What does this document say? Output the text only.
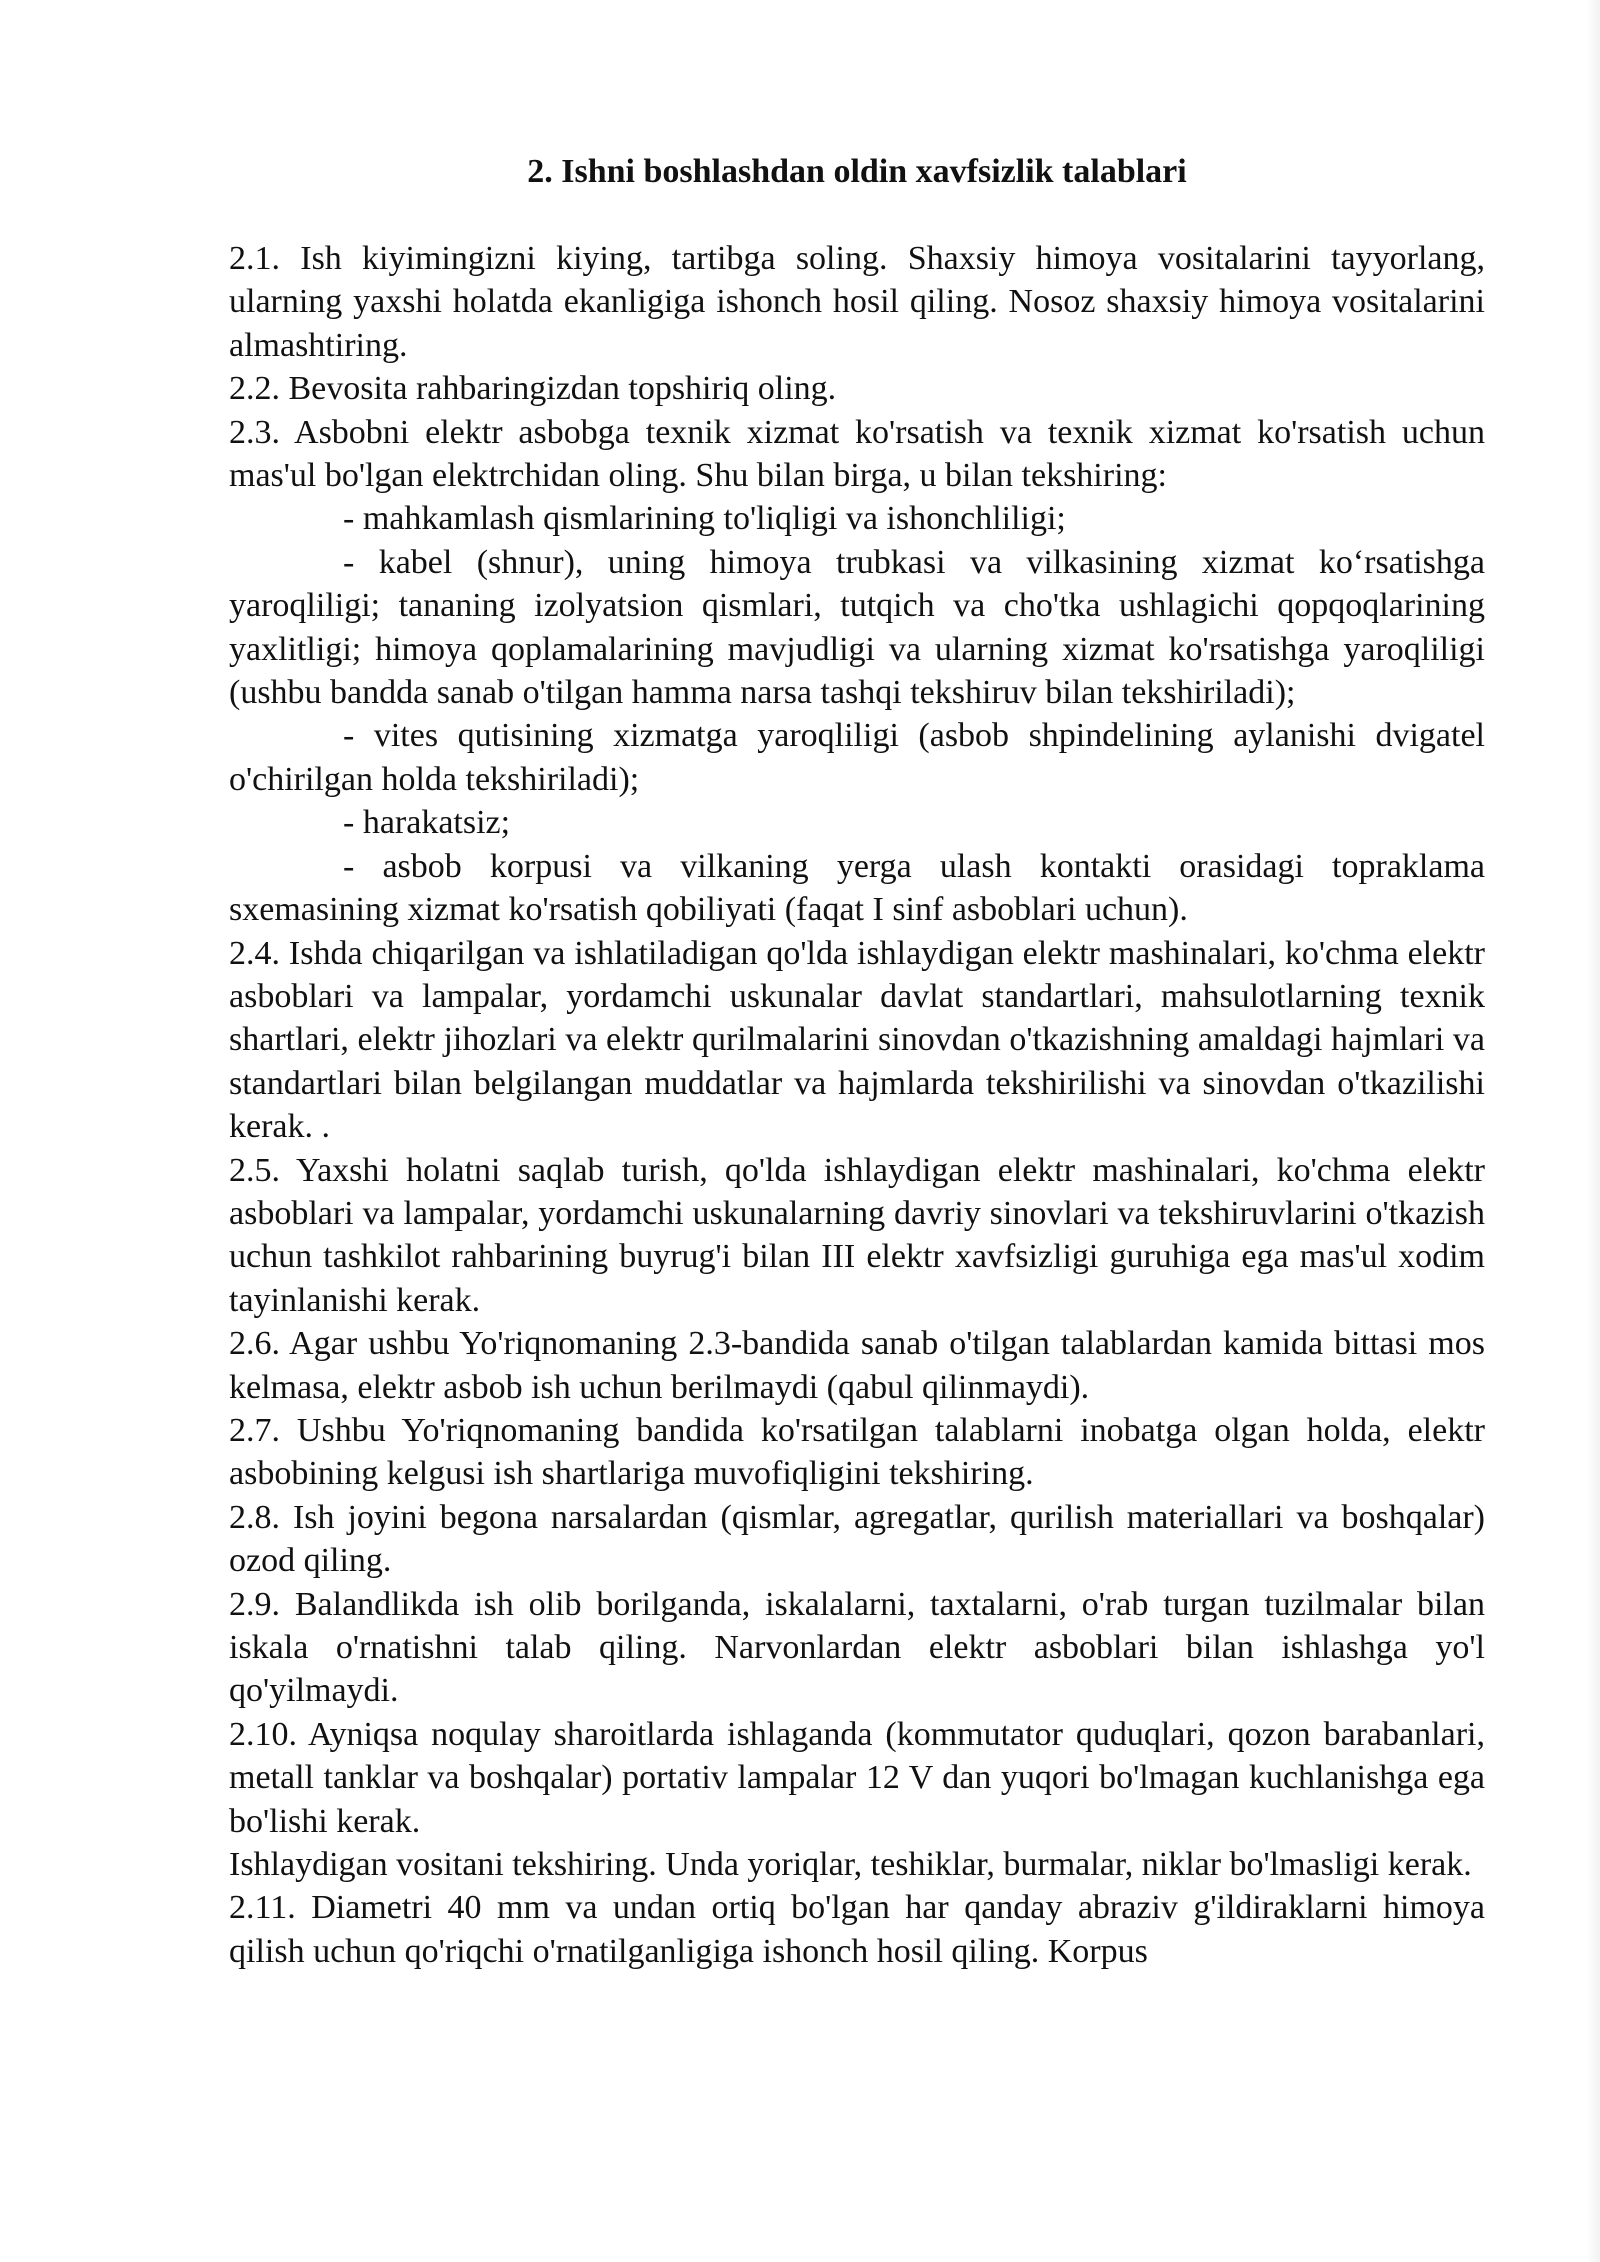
2. Ishni boshlashdan oldin xavfsizlik talablari

2.1. Ish kiyimingizni kiying, tartibga soling. Shaxsiy himoya vositalarini tayyorlang, ularning yaxshi holatda ekanligiga ishonch hosil qiling. Nosoz shaxsiy himoya vositalarini almashtiring.

2.2. Bevosita rahbaringizdan topshiriq oling.

2.3. Asbobni elektr asbobga texnik xizmat ko'rsatish va texnik xizmat ko'rsatish uchun mas'ul bo'lgan elektrchidan oling. Shu bilan birga, u bilan tekshiring:

- mahkamlash qismlarining to'liqligi va ishonchliligi;

- kabel (shnur), uning himoya trubkasi va vilkasining xizmat ko‘rsatishga yaroqliligi; tananing izolyatsion qismlari, tutqich va cho'tka ushlagichi qopqoqlarining yaxlitligi; himoya qoplamalarining mavjudligi va ularning xizmat ko'rsatishga yaroqliligi (ushbu bandda sanab o'tilgan hamma narsa tashqi tekshiruv bilan tekshiriladi);

- vites qutisining xizmatga yaroqliligi (asbob shpindelining aylanishi dvigatel o'chirilgan holda tekshiriladi);

- harakatsiz;

- asbob korpusi va vilkaning yerga ulash kontakti orasidagi topraklama sxemasining xizmat ko'rsatish qobiliyati (faqat I sinf asboblari uchun).

2.4. Ishda chiqarilgan va ishlatiladigan qo'lda ishlaydigan elektr mashinalari, ko'chma elektr asboblari va lampalar, yordamchi uskunalar davlat standartlari, mahsulotlarning texnik shartlari, elektr jihozlari va elektr qurilmalarini sinovdan o'tkazishning amaldagi hajmlari va standartlari bilan belgilangan muddatlar va hajmlarda tekshirilishi va sinovdan o'tkazilishi kerak. .

2.5. Yaxshi holatni saqlab turish, qo'lda ishlaydigan elektr mashinalari, ko'chma elektr asboblari va lampalar, yordamchi uskunalarning davriy sinovlari va tekshiruvlarini o'tkazish uchun tashkilot rahbarining buyrug'i bilan III elektr xavfsizligi guruhiga ega mas'ul xodim tayinlanishi kerak.

2.6. Agar ushbu Yo'riqnomaning 2.3-bandida sanab o'tilgan talablardan kamida bittasi mos kelmasa, elektr asbob ish uchun berilmaydi (qabul qilinmaydi).

2.7. Ushbu Yo'riqnomaning bandida ko'rsatilgan talablarni inobatga olgan holda, elektr asbobining kelgusi ish shartlariga muvofiqligini tekshiring.

2.8. Ish joyini begona narsalardan (qismlar, agregatlar, qurilish materiallari va boshqalar) ozod qiling.

2.9. Balandlikda ish olib borilganda, iskalalarni, taxtalarni, o'rab turgan tuzilmalar bilan iskala o'rnatishni talab qiling. Narvonlardan elektr asboblari bilan ishlashga yo'l qo'yilmaydi.

2.10. Ayniqsa noqulay sharoitlarda ishlaganda (kommutator quduqlari, qozon barabanlari, metall tanklar va boshqalar) portativ lampalar 12 V dan yuqori bo'lmagan kuchlanishga ega bo'lishi kerak.

Ishlaydigan vositani tekshiring. Unda yoriqlar, teshiklar, burmalar, niklar bo'lmasligi kerak.

2.11. Diametri 40 mm va undan ortiq bo'lgan har qanday abraziv g'ildiraklarni himoya qilish uchun qo'riqchi o'rnatilganligiga ishonch hosil qiling. Korpus
